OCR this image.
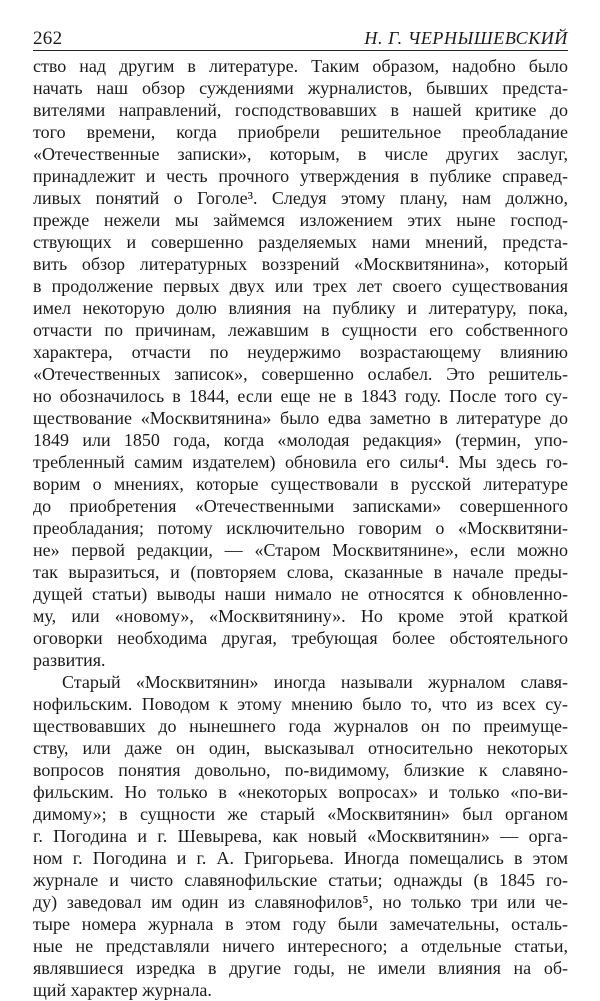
262	Н. Г. ЧЕРНЫШЕВСКИЙ
ство над другим в литературе. Таким образом, надобно было
начать наш обзор суждениями журналистов, бывших предста-
вителями направлений, господствовавших в нашей критике до
того времени, когда приобрели решительное преобладание
«Отечественные записки», которым, в числе других заслуг,
принадлежит и честь прочного утверждения в публике справед-
ливых понятий о Гоголе³. Следуя этому плану, нам должно,
прежде нежели мы займемся изложением этих ныне господ-
ствующих и совершенно разделяемых нами мнений, предста-
вить обзор литературных воззрений «Москвитянина», который
в продолжение первых двух или трех лет своего существования
имел некоторую долю влияния на публику и литературу, пока,
отчасти по причинам, лежавшим в сущности его собственного
характера, отчасти по неудержимо возрастающему влиянию
«Отечественных записок», совершенно ослабел. Это решитель-
но обозначилось в 1844, если еще не в 1843 году. После того су-
ществование «Москвитянина» было едва заметно в литературе до
1849 или 1850 года, когда «молодая редакция» (термин, упо-
требленный самим издателем) обновила его силы⁴. Мы здесь го-
ворим о мнениях, которые существовали в русской литературе
до приобретения «Отечественными записками» совершенного
преобладания; потому исключительно говорим о «Москвитяни-
не» первой редакции, — «Старом Москвитянине», если можно
так выразиться, и (повторяем слова, сказанные в начале преды-
дущей статьи) выводы наши нимало не относятся к обновленно-
му, или «новому», «Москвитянину». Но кроме этой краткой
оговорки необходима другая, требующая более обстоятельного
развития.
Старый «Москвитянин» иногда называли журналом славя-
нофильским. Поводом к этому мнению было то, что из всех су-
ществовавших до нынешнего года журналов он по преимуще-
ству, или даже он один, высказывал относительно некоторых
вопросов понятия довольно, по-видимому, близкие к славяно-
фильским. Но только в «некоторых вопросах» и только «по-ви-
димому»; в сущности же старый «Москвитянин» был органом
г. Погодина и г. Шевырева, как новый «Москвитянин» — орга-
ном г. Погодина и г. А. Григорьева. Иногда помещались в этом
журнале и чисто славянофильские статьи; однажды (в 1845 го-
ду) заведовал им один из славянофилов⁵, но только три или че-
тыре номера журнала в этом году были замечательны, осталь-
ные не представляли ничего интересного; а отдельные статьи,
являвшиеся изредка в другие годы, не имели влияния на об-
щий характер журнала.
